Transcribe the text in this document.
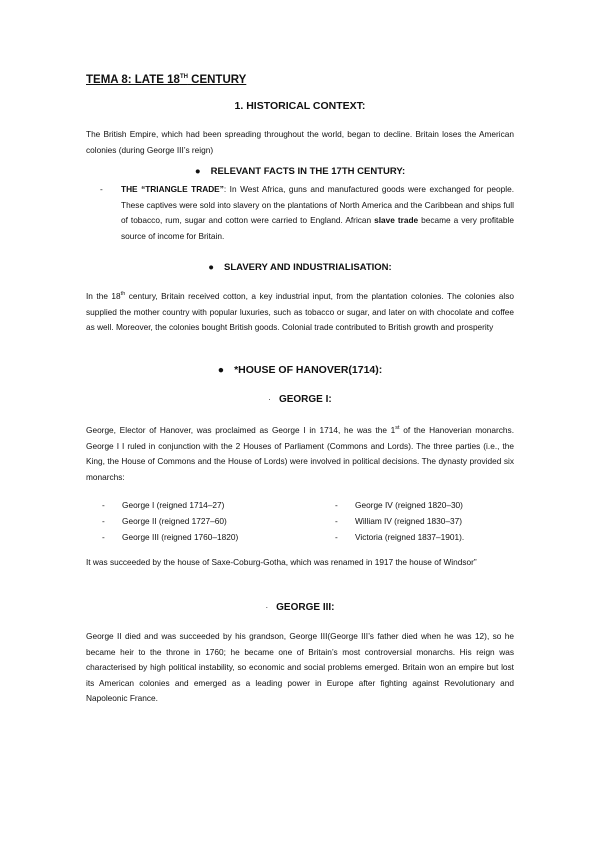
TEMA 8: LATE 18TH CENTURY
1. HISTORICAL CONTEXT:
The British Empire, which had been spreading throughout the world, began to decline. Britain loses the American colonies (during George III’s reign)
● RELEVANT FACTS IN THE 17TH CENTURY:
- THE “TRIANGLE TRADE”: In West Africa, guns and manufactured goods were exchanged for people. These captives were sold into slavery on the plantations of North America and the Caribbean and ships full of tobacco, rum, sugar and cotton were carried to England. African slave trade became a very profitable source of income for Britain.
● SLAVERY AND INDUSTRIALISATION:
In the 18th century, Britain received cotton, a key industrial input, from the plantation colonies. The colonies also supplied the mother country with popular luxuries, such as tobacco or sugar, and later on with chocolate and coffee as well. Moreover, the colonies bought British goods. Colonial trade contributed to British growth and prosperity
● *HOUSE OF HANOVER(1714):
· GEORGE I:
George, Elector of Hanover, was proclaimed as George I in 1714, he was the 1st of the Hanoverian monarchs. George I I ruled in conjunction with the 2 Houses of Parliament (Commons and Lords). The three parties (i.e., the King, the House of Commons and the House of Lords) were involved in political decisions. The dynasty provided six monarchs:
- George I (reigned 1714–27)
- George II (reigned 1727–60)
- George III (reigned 1760–1820)
- George IV (reigned 1820–30)
- William IV (reigned 1830–37)
- Victoria (reigned 1837–1901).
It was succeeded by the house of Saxe-Coburg-Gotha, which was renamed in 1917 the house of Windsor”
· GEORGE III:
George II died and was succeeded by his grandson, George III(George III’s father died when he was 12), so he became heir to the throne in 1760; he became one of Britain’s most controversial monarchs. His reign was characterised by high political instability, so economic and social problems emerged. Britain won an empire but lost its American colonies and emerged as a leading power in Europe after fighting against Revolutionary and Napoleonic France.
